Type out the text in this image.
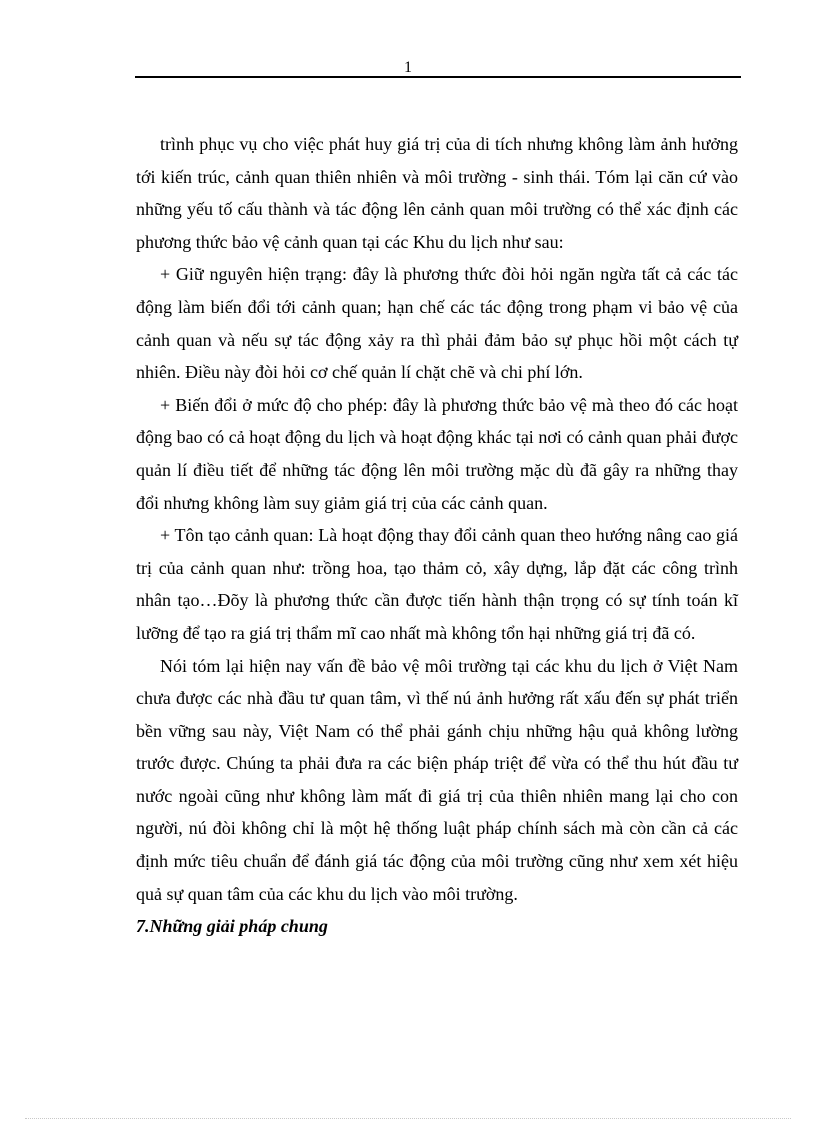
1

trình phục vụ cho việc phát huy giá trị của di tích nhưng không làm ảnh hưởng tới kiến trúc, cảnh quan thiên nhiên và môi trường - sinh thái. Tóm lại căn cứ vào những yếu tố cấu thành và tác động lên cảnh quan môi trường có thể xác định các phương thức bảo vệ cảnh quan tại các Khu du lịch như sau:

+ Giữ nguyên hiện trạng: đây là phương thức đòi hỏi ngăn ngừa tất cả các tác động làm biến đổi tới cảnh quan; hạn chế các tác động trong phạm vi bảo vệ của cảnh quan và nếu sự tác động xảy ra thì phải đảm bảo sự phục hồi một cách tự nhiên. Điều này đòi hỏi cơ chế quản lí chặt chẽ và chi phí lớn.

+ Biến đổi ở mức độ cho phép: đây là phương thức bảo vệ mà theo đó các hoạt động bao có cả hoạt động du lịch và hoạt động khác tại nơi có cảnh quan phải được quản lí điều tiết để những tác động lên môi trường mặc dù đã gây ra những thay đổi nhưng không làm suy giảm giá trị của các cảnh quan.

+ Tôn tạo cảnh quan: Là hoạt động thay đổi cảnh quan theo hướng nâng cao giá trị của cảnh quan như: trồng hoa, tạo thảm cỏ, xây dựng, lắp đặt các công trình nhân tạo…Đõy là phương thức cần được tiến hành thận trọng có sự tính toán kĩ lưỡng để tạo ra giá trị thẩm mĩ cao nhất mà không tổn hại những giá trị đã có.

Nói tóm lại hiện nay vấn đề bảo vệ môi trường tại các khu du lịch ở Việt Nam chưa được các nhà đầu tư quan tâm, vì thế nú ảnh hưởng rất xấu đến sự phát triển bền vững sau này, Việt Nam có thể phải gánh chịu những hậu quả không lường trước được. Chúng ta phải đưa ra các biện pháp triệt để vừa có thể thu hút đầu tư nước ngoài cũng như không làm mất đi giá trị của thiên nhiên mang lại cho con người, nú đòi không chỉ là một hệ thống luật pháp chính sách mà còn cần cả các định mức tiêu chuẩn để đánh giá tác động của môi trường cũng như xem xét hiệu quả sự quan tâm của các khu du lịch vào môi trường.

7.Những giải pháp chung
